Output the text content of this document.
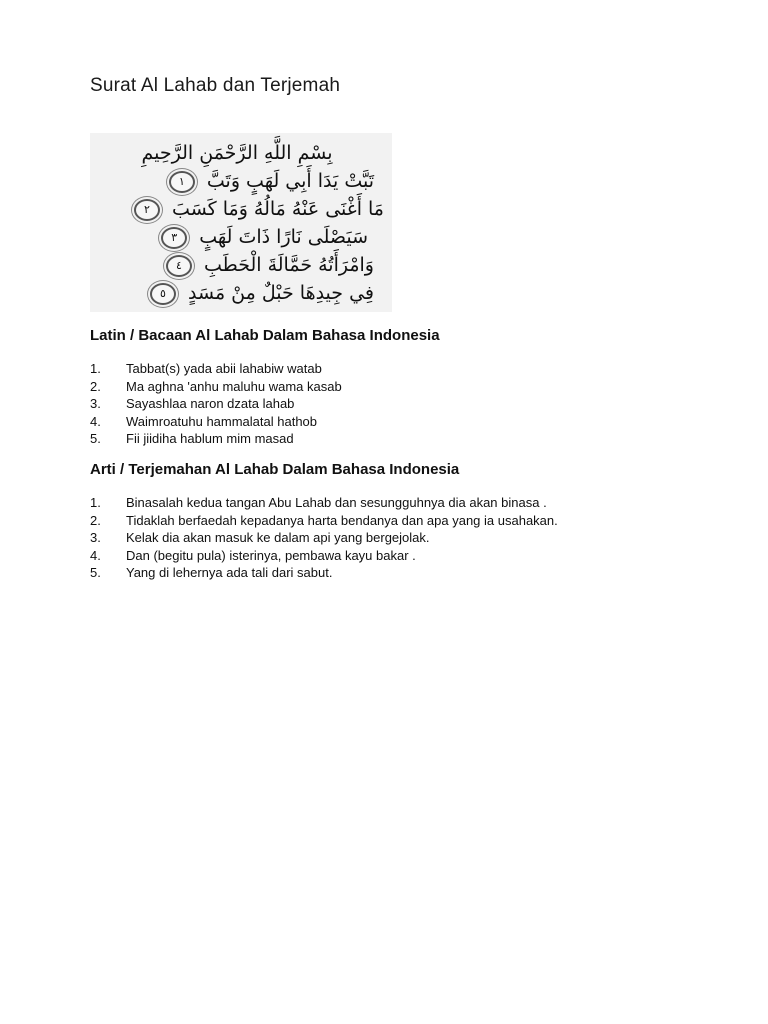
Surat Al Lahab dan Terjemah
بِسْمِ اللَّهِ الرَّحْمَنِ الرَّحِيمِ
تَبَّتْ يَدَا أَبِي لَهَبٍ وَتَبَّ ١
مَا أَغْنَى عَنْهُ مَالُهُ وَمَا كَسَبَ ٢
سَيَصْلَى نَارًا ذَاتَ لَهَبٍ ٣
وَامْرَأَتُهُ حَمَّالَةَ الْحَطَبِ ٤
فِي جِيدِهَا حَبْلٌ مِنْ مَسَدٍ ٥
Latin / Bacaan Al Lahab Dalam Bahasa Indonesia
1.	Tabbat(s) yada abii lahabiw watab
2.	Ma aghna 'anhu maluhu wama kasab
3.	Sayashlaa naron dzata lahab
4.	Waimroatuhu hammalatal hathob
5.	Fii jiidiha hablum mim masad
Arti / Terjemahan Al Lahab Dalam Bahasa Indonesia
1.	Binasalah kedua tangan Abu Lahab dan sesungguhnya dia akan binasa .
2.	Tidaklah berfaedah kepadanya harta bendanya dan apa yang ia usahakan.
3.	Kelak dia akan masuk ke dalam api yang bergejolak.
4.	Dan (begitu pula) isterinya, pembawa kayu bakar .
5.	Yang di lehernya ada tali dari sabut.
